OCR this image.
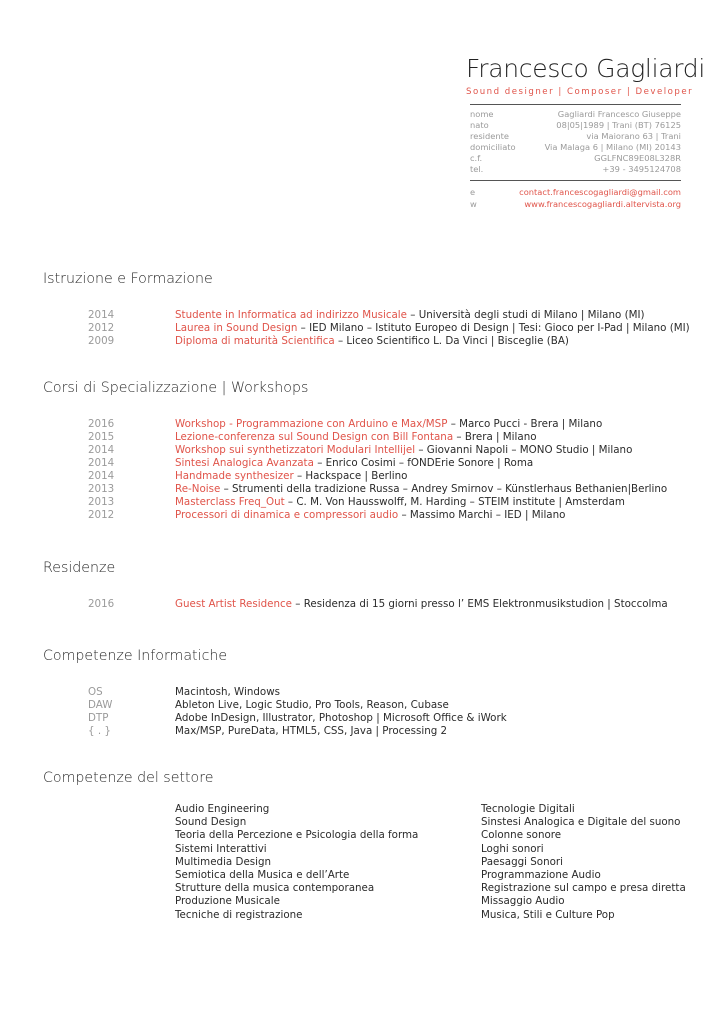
Francesco Gagliardi
Sound designer | Composer | Developer
nome	Gagliardi Francesco Giuseppe
nato	08|05|1989 | Trani (BT) 76125
residente	via Maiorano 63 | Trani
domiciliato	Via Malaga 6 | Milano (MI) 20143
c.f.	GGLFNC89E08L328R
tel.	+39 - 3495124708
e	contact.francescogagliardi@gmail.com
w	www.francescogagliardi.altervista.org
Istruzione e Formazione
2014	Studente in Informatica ad indirizzo Musicale – Università degli studi di Milano | Milano (MI)
2012	Laurea in Sound Design – IED Milano – Istituto Europeo di Design | Tesi: Gioco per I-Pad | Milano (MI)
2009	Diploma di maturità Scientifica – Liceo Scientifico L. Da Vinci | Bisceglie (BA)
Corsi di Specializzazione | Workshops
2016	Workshop - Programmazione con Arduino e Max/MSP – Marco Pucci - Brera | Milano
2015	Lezione-conferenza sul Sound Design con Bill Fontana – Brera | Milano
2014	Workshop sui synthetizzatori Modulari Intellijel – Giovanni Napoli – MONO Studio | Milano
2014	Sintesi Analogica Avanzata – Enrico Cosimi – fONDErie Sonore | Roma
2014	Handmade synthesizer – Hackspace | Berlino
2013	Re-Noise – Strumenti della tradizione Russa – Andrey Smirnov – Künstlerhaus Bethanien|Berlino
2013	Masterclass Freq_Out – C. M. Von Hausswolff, M. Harding – STEIM institute | Amsterdam
2012	Processori di dinamica e compressori audio – Massimo Marchi – IED | Milano
Residenze
2016	Guest Artist Residence – Residenza di 15 giorni presso l’ EMS Elektronmusikstudion | Stoccolma
Competenze Informatiche
OS	Macintosh, Windows
DAW	Ableton Live, Logic Studio, Pro Tools, Reason, Cubase
DTP	Adobe InDesign, Illustrator, Photoshop | Microsoft Office & iWork
{ . }	Max/MSP, PureData, HTML5, CSS, Java | Processing 2
Competenze del settore
Audio Engineering
Sound Design
Teoria della Percezione e Psicologia della forma
Sistemi Interattivi
Multimedia Design
Semiotica della Musica e dell’Arte
Strutture della musica contemporanea
Produzione Musicale
Tecniche di registrazione
Tecnologie Digitali
Sinstesi Analogica e Digitale del suono
Colonne sonore
Loghi sonori
Paesaggi Sonori
Programmazione Audio
Registrazione sul campo e presa diretta
Missaggio Audio
Musica, Stili e Culture Pop
